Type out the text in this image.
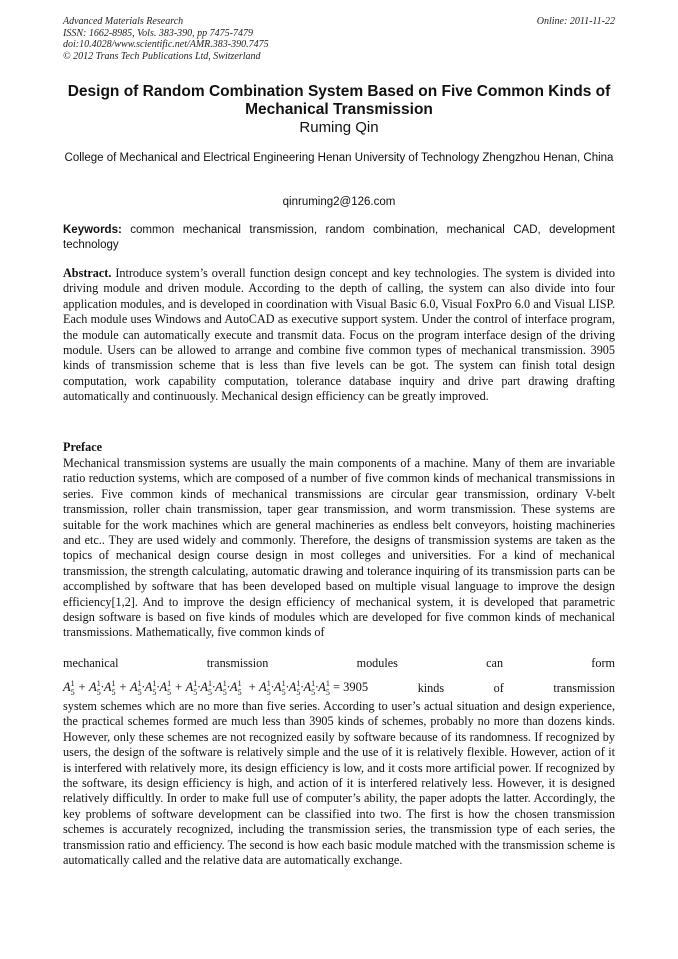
Advanced Materials Research
ISSN: 1662-8985, Vols. 383-390, pp 7475-7479
doi:10.4028/www.scientific.net/AMR.383-390.7475
© 2012 Trans Tech Publications Ltd, Switzerland
Online: 2011-11-22
Design of Random Combination System Based on Five Common Kinds of Mechanical Transmission
Ruming Qin
College of Mechanical and Electrical Engineering Henan University of Technology Zhengzhou Henan, China
qinruming2@126.com
Keywords: common mechanical transmission, random combination, mechanical CAD, development technology
Abstract. Introduce system’s overall function design concept and key technologies. The system is divided into driving module and driven module. According to the depth of calling, the system can also divide into four application modules, and is developed in coordination with Visual Basic 6.0, Visual FoxPro 6.0 and Visual LISP. Each module uses Windows and AutoCAD as executive support system. Under the control of interface program, the module can automatically execute and transmit data. Focus on the program interface design of the driving module. Users can be allowed to arrange and combine five common types of mechanical transmission. 3905 kinds of transmission scheme that is less than five levels can be got. The system can finish total design computation, work capability computation, tolerance database inquiry and drive part drawing drafting automatically and continuously. Mechanical design efficiency can be greatly improved.
Preface
Mechanical transmission systems are usually the main components of a machine. Many of them are invariable ratio reduction systems, which are composed of a number of five common kinds of mechanical transmissions in series. Five common kinds of mechanical transmissions are circular gear transmission, ordinary V-belt transmission, roller chain transmission, taper gear transmission, and worm transmission. These systems are suitable for the work machines which are general machineries as endless belt conveyors, hoisting machineries and etc.. They are used widely and commonly. Therefore, the designs of transmission systems are taken as the topics of mechanical design course design in most colleges and universities. For a kind of mechanical transmission, the strength calculating, automatic drawing and tolerance inquiring of its transmission parts can be accomplished by software that has been developed based on multiple visual language to improve the design efficiency[1,2]. And to improve the design efficiency of mechanical system, it is developed that parametric design software is based on five kinds of modules which are developed for five common kinds of mechanical transmissions. Mathematically, five common kinds of
mechanical	transmission	modules	can	form
$A^1_5 + A^1_5\cdot A^1_5 + A^1_5\cdot A^1_5\cdot A^1_5 + A^1_5\cdot A^1_5\cdot A^1_5\cdot A^1_5 + A^1_5\cdot A^1_5\cdot A^1_5\cdot A^1_5\cdot A^1_5 = 3905$	kinds	of	transmission
system schemes which are no more than five series. According to user’s actual situation and design experience, the practical schemes formed are much less than 3905 kinds of schemes, probably no more than dozens kinds. However, only these schemes are not recognized easily by software because of its randomness. If recognized by users, the design of the software is relatively simple and the use of it is relatively flexible. However, action of it is interfered with relatively more, its design efficiency is low, and it costs more artificial power. If recognized by the software, its design efficiency is high, and action of it is interfered relatively less. However, it is designed relatively difficultly. In order to make full use of computer’s ability, the paper adopts the latter. Accordingly, the key problems of software development can be classified into two. The first is how the chosen transmission schemes is accurately recognized, including the transmission series, the transmission type of each series, the transmission ratio and efficiency. The second is how each basic module matched with the transmission scheme is automatically called and the relative data are automatically exchange.
